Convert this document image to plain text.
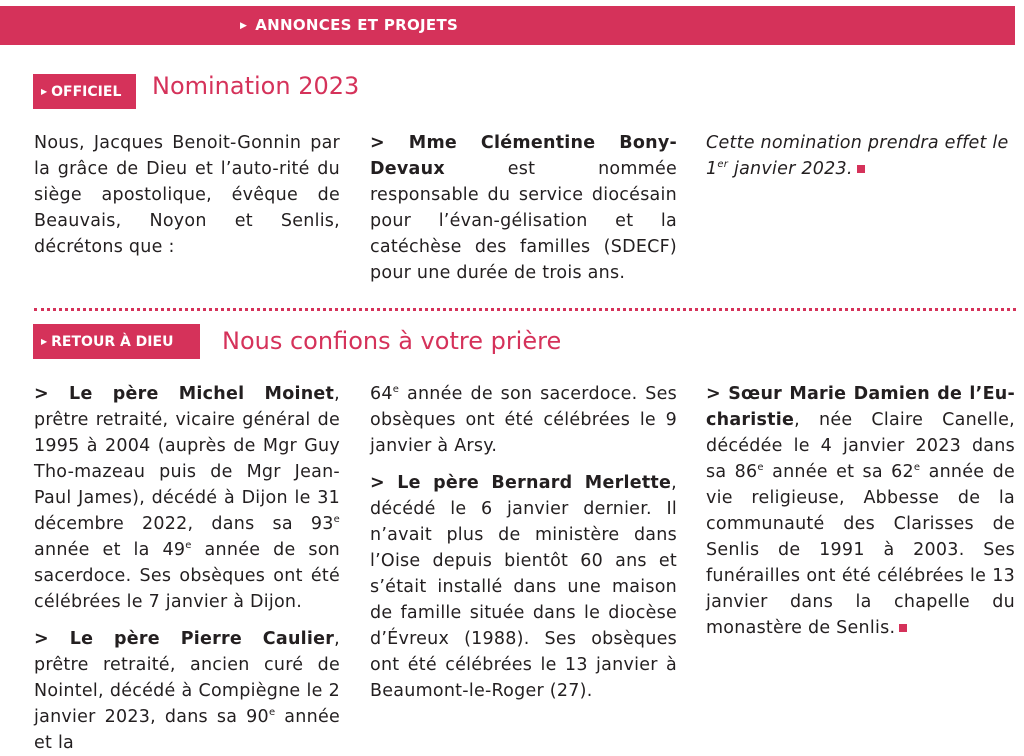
▶ ANNONCES ET PROJETS
▶ OFFICIEL	Nomination 2023

Nous, Jacques Benoit-Gonnin par la grâce de Dieu et l’auto-rité du siège apostolique, évêque de Beauvais, Noyon et Senlis, décrétons que :

> Mme Clémentine Bony-Devaux est nommée responsable du service diocésain pour l’évan-gélisation et la catéchèse des familles (SDECF) pour une durée de trois ans.

Cette nomination prendra effet le 1er janvier 2023.

▶ RETOUR À DIEU	Nous confions à votre prière

> Le père Michel Moinet, prêtre retraité, vicaire général de 1995 à 2004 (auprès de Mgr Guy Tho-mazeau puis de Mgr Jean-Paul James), décédé à Dijon le 31 décembre 2022, dans sa 93e année et la 49e année de son sacerdoce. Ses obsèques ont été célébrées le 7 janvier à Dijon.

> Le père Pierre Caulier, prêtre retraité, ancien curé de Nointel, décédé à Compiègne le 2 janvier 2023, dans sa 90e année et la

64e année de son sacerdoce. Ses obsèques ont été célébrées le 9 janvier à Arsy.

> Le père Bernard Merlette, décédé le 6 janvier dernier. Il n’avait plus de ministère dans l’Oise depuis bientôt 60 ans et s’était installé dans une maison de famille située dans le diocèse d’Évreux (1988). Ses obsèques ont été célébrées le 13 janvier à Beaumont-le-Roger (27).

> Sœur Marie Damien de l’Eu-charistie, née Claire Canelle, décédée le 4 janvier 2023 dans sa 86e année et sa 62e année de vie religieuse, Abbesse de la communauté des Clarisses de Senlis de 1991 à 2003. Ses funérailles ont été célébrées le 13 janvier dans la chapelle du monastère de Senlis.
